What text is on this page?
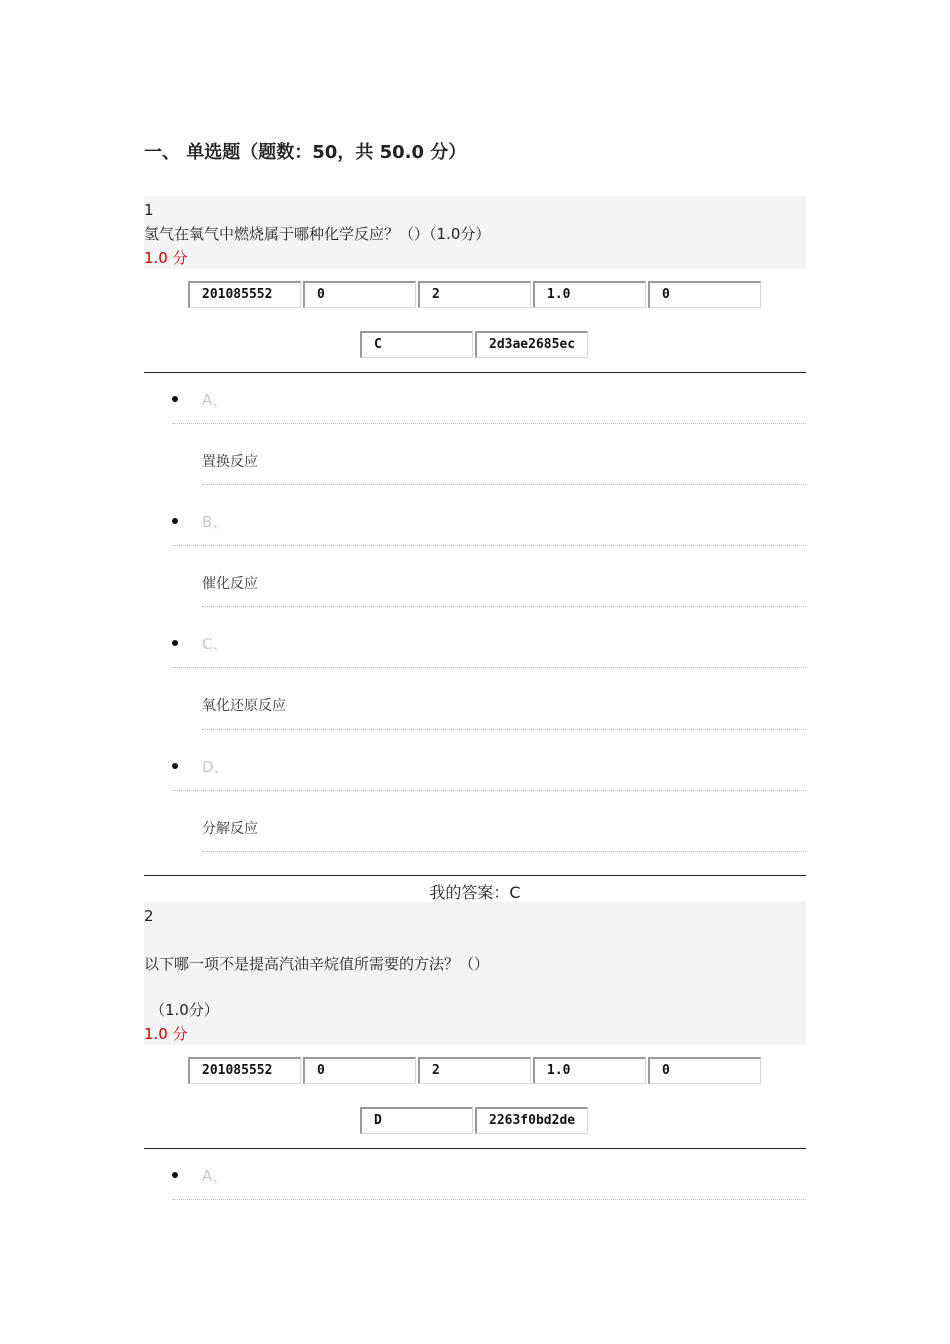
一、 单选题（题数：50，共 50.0 分）
1
氢气在氧气中燃烧属于哪种化学反应？（）（1.0分）
1.0 分
201085552	0	2	1.0	0
C	2d3ae2685ec
A、
置换反应
B、
催化反应
C、
氧化还原反应
D、
分解反应
我的答案：C
2
以下哪一项不是提高汽油辛烷值所需要的方法？（）
（1.0分）
1.0 分
201085552	0	2	1.0	0
D	2263f0bd2de
A、
